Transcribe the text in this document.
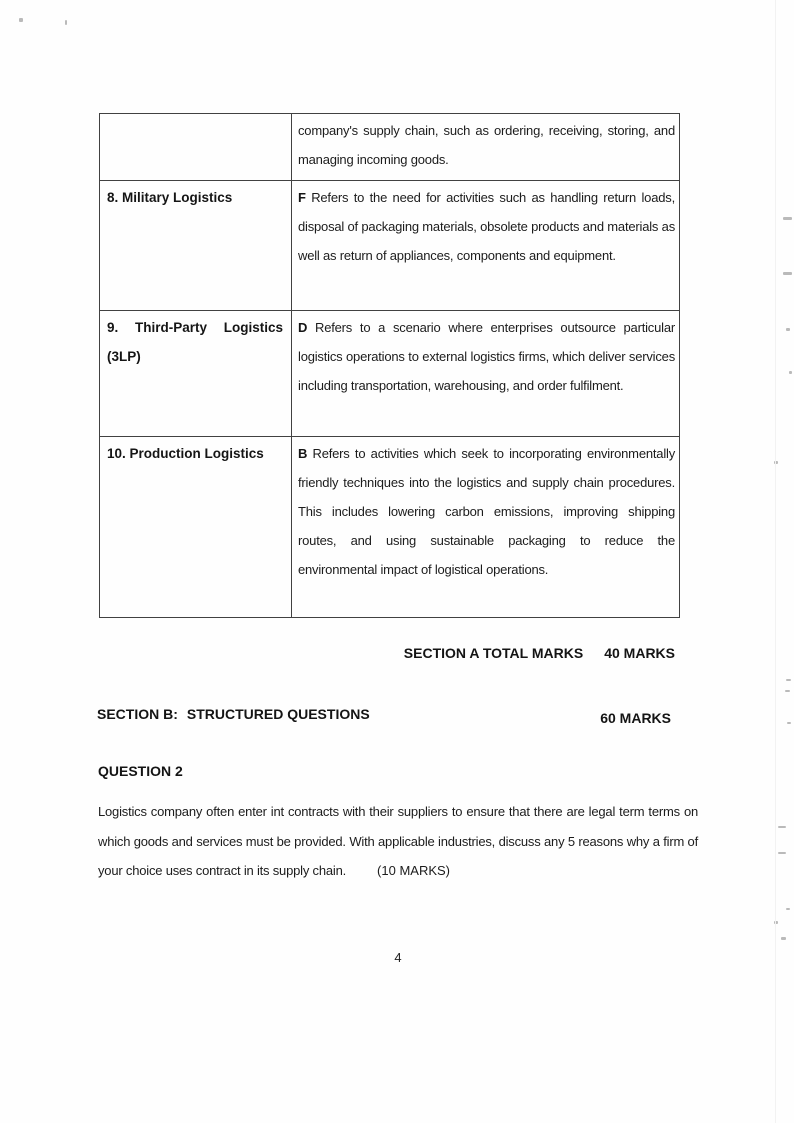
	company's supply chain, such as ordering, receiving, storing, and managing incoming goods.
8. Military Logistics	F Refers to the need for activities such as handling return loads, disposal of packaging materials, obsolete products and materials as well as return of appliances, components and equipment.
9. Third-Party Logistics (3LP)	D Refers to a scenario where enterprises outsource particular logistics operations to external logistics firms, which deliver services including transportation, warehousing, and order fulfilment.
10. Production Logistics	B Refers to activities which seek to incorporating environmentally friendly techniques into the logistics and supply chain procedures. This includes lowering carbon emissions, improving shipping routes, and using sustainable packaging to reduce the environmental impact of logistical operations.
SECTION A TOTAL MARKS 40 MARKS
SECTION B: STRUCTURED QUESTIONS	60 MARKS
QUESTION 2
Logistics company often enter int contracts with their suppliers to ensure that there are legal term terms on which goods and services must be provided. With applicable industries, discuss any 5 reasons why a firm of your choice uses contract in its supply chain. (10 MARKS)
4
